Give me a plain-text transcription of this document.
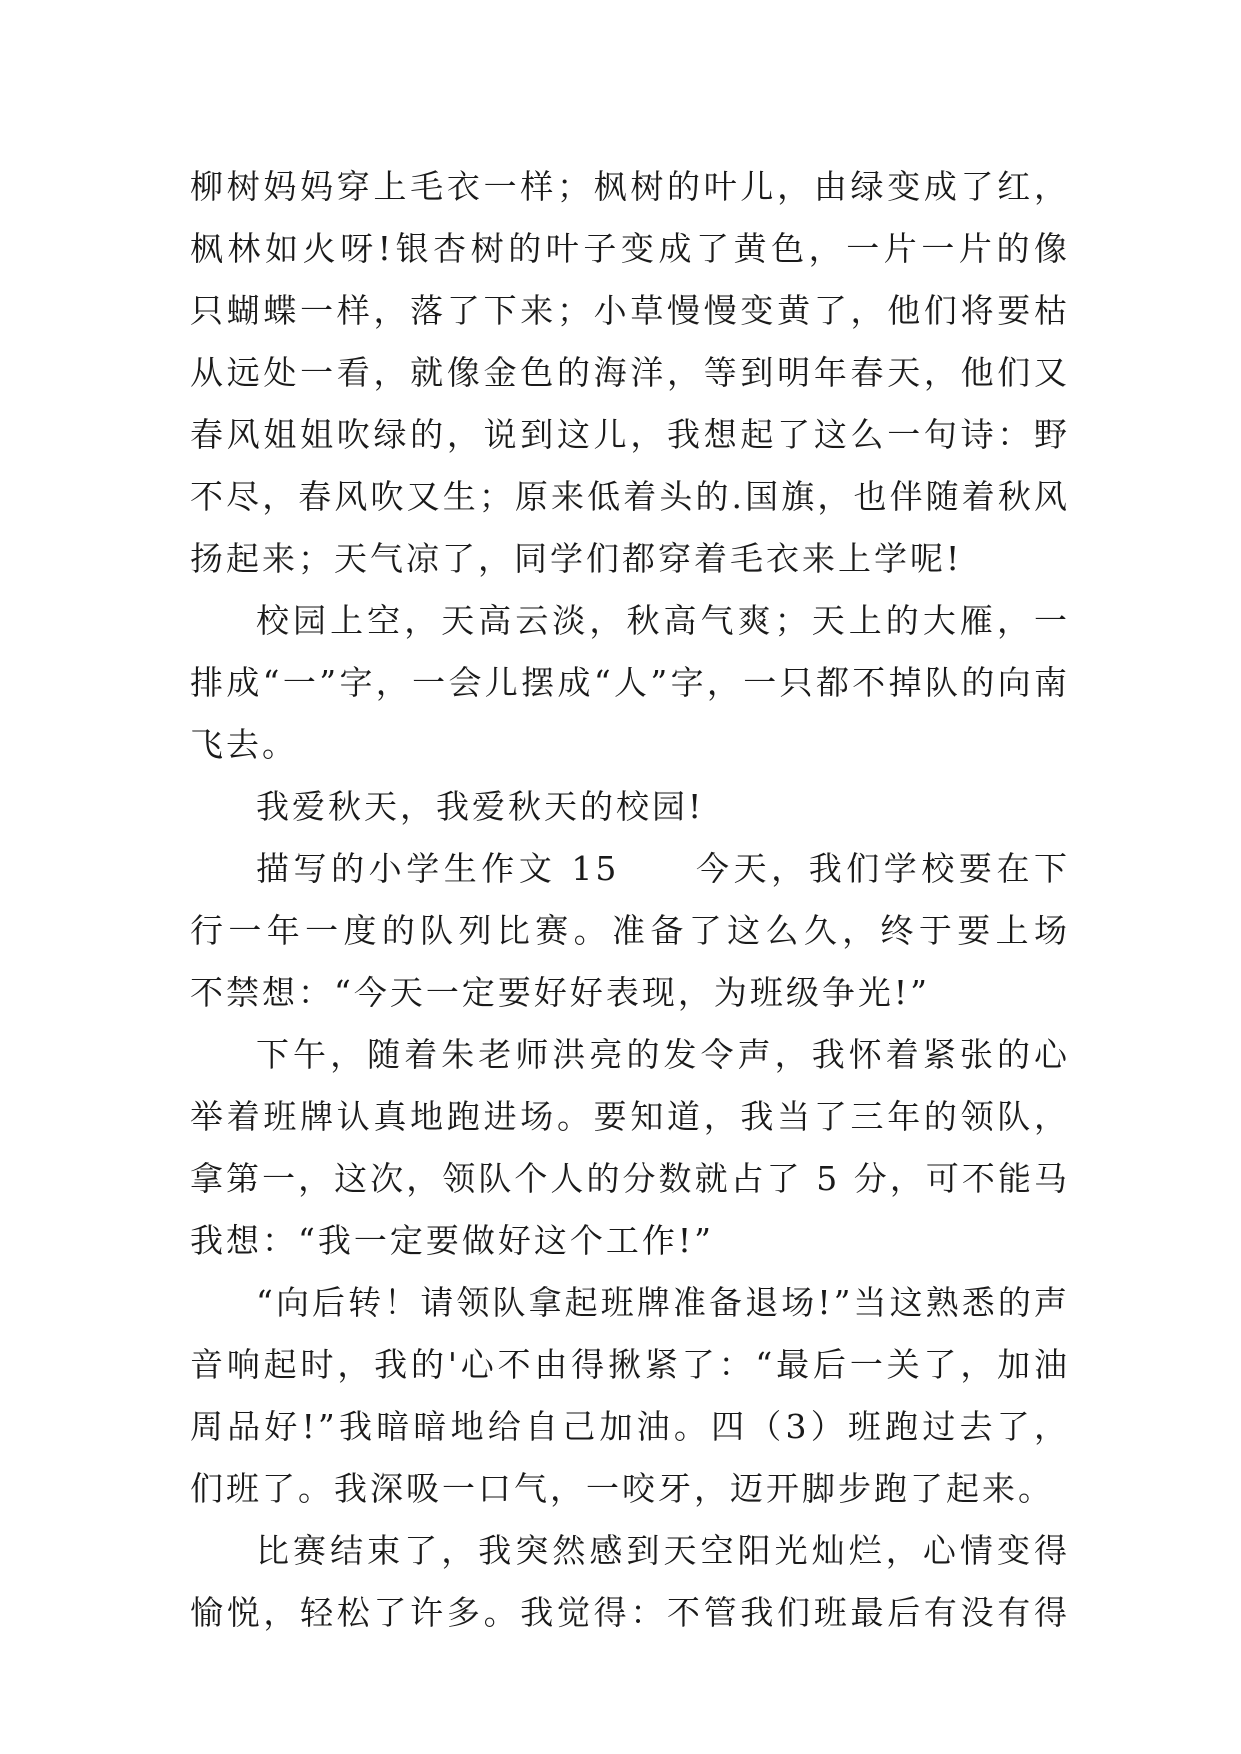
柳树妈妈穿上毛衣一样；枫树的叶儿，由绿变成了红，
枫林如火呀!银杏树的叶子变成了黄色，一片一片的像
只蝴蝶一样，落了下来；小草慢慢变黄了，他们将要枯
从远处一看，就像金色的海洋，等到明年春天，他们又
春风姐姐吹绿的，说到这儿，我想起了这么一句诗：野
不尽，春风吹又生；原来低着头的.国旗，也伴随着秋风
扬起来；天气凉了，同学们都穿着毛衣来上学呢!
校园上空，天高云淡，秋高气爽；天上的大雁，一
排成“一”字，一会儿摆成“人”字，一只都不掉队的向南
飞去。
我爱秋天，我爱秋天的校园!
描写的小学生作文 15　　今天，我们学校要在下
行一年一度的队列比赛。准备了这么久，终于要上场
不禁想：“今天一定要好好表现，为班级争光!”
下午，随着朱老师洪亮的发令声，我怀着紧张的心
举着班牌认真地跑进场。要知道，我当了三年的领队，
拿第一，这次，领队个人的分数就占了 5 分，可不能马
我想：“我一定要做好这个工作!”
“向后转！请领队拿起班牌准备退场!”当这熟悉的声
音响起时，我的'心不由得揪紧了：“最后一关了，加油
周品好!”我暗暗地给自己加油。四（3）班跑过去了，
们班了。我深吸一口气，一咬牙，迈开脚步跑了起来。
比赛结束了，我突然感到天空阳光灿烂，心情变得
愉悦，轻松了许多。我觉得：不管我们班最后有没有得
